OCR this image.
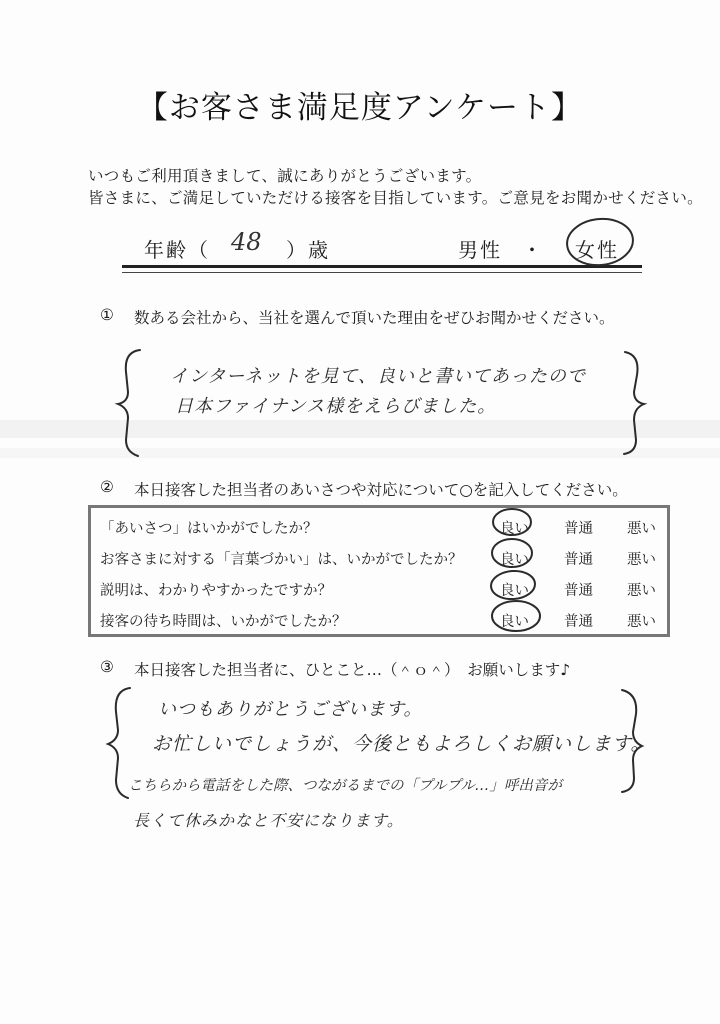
【お客さま満足度アンケート】
いつもご利用頂きまして、誠にありがとうございます。
皆さまに、ご満足していただける接客を目指しています。ご意見をお聞かせください。
年齢（ 48 ）歳	男性 ・ 女性
① 数ある会社から、当社を選んで頂いた理由をぜひお聞かせください。
インターネットを見て、良いと書いてあったので
日本ファイナンス様をえらびました。
② 本日接客した担当者のあいさつや対応について○を記入してください。
「あいさつ」はいかがでしたか？	良い 普通 悪い
お客さまに対する「言葉づかい」は、いかがでしたか？	良い 普通 悪い
説明は、わかりやすかったですか？	良い 普通 悪い
接客の待ち時間は、いかがでしたか？	良い 普通 悪い
③ 本日接客した担当者に、ひとこと…（＾ｏ＾）　お願いします♪
いつもありがとうございます。
お忙しいでしょうが、今後ともよろしくお願いします。
こちらから電話をした際、つながるまでの「プルプル…」呼出音が
長くて休みかなと不安になります。
